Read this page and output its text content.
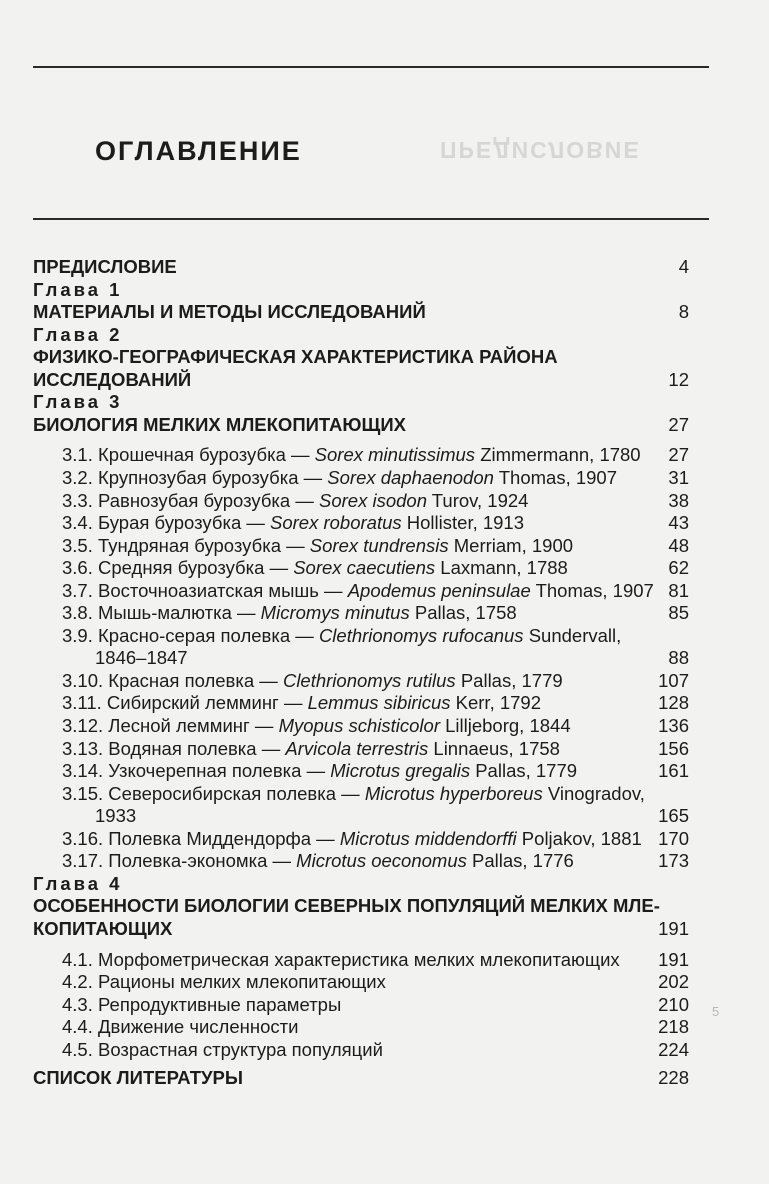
ПРЕДИСЛОВИЕ
ОГЛАВЛЕНИЕ
ПРЕДИСЛОВИЕ	4
Глава 1
МАТЕРИАЛЫ И МЕТОДЫ ИССЛЕДОВАНИЙ	8
Глава 2
ФИЗИКО-ГЕОГРАФИЧЕСКАЯ ХАРАКТЕРИСТИКА РАЙОНА
ИССЛЕДОВАНИЙ	12
Глава 3
БИОЛОГИЯ МЕЛКИХ МЛЕКОПИТАЮЩИХ	27
3.1. Крошечная бурозубка — Sorex minutissimus Zimmermann, 1780 27
3.2. Крупнозубая бурозубка — Sorex daphaenodon Thomas, 1907	31
3.3. Равнозубая бурозубка — Sorex isodon Turov, 1924	38
3.4. Бурая бурозубка — Sorex roboratus Hollister, 1913	43
3.5. Тундряная бурозубка — Sorex tundrensis Merriam, 1900	48
3.6. Средняя бурозубка — Sorex caecutiens Laxmann, 1788	62
3.7. Восточноазиатская мышь — Apodemus peninsulae Thomas, 1907 81
3.8. Мышь-малютка — Micromys minutus Pallas, 1758	85
3.9. Красно-серая полевка — Clethrionomys rufocanus Sundervall,
1846–1847	88
3.10. Красная полевка — Clethrionomys rutilus Pallas, 1779	107
3.11. Сибирский лемминг — Lemmus sibiricus Kerr, 1792	128
3.12. Лесной лемминг — Myopus schisticolor Lilljeborg, 1844	136
3.13. Водяная полевка — Arvicola terrestris Linnaeus, 1758	156
3.14. Узкочерепная полевка — Microtus gregalis Pallas, 1779	161
3.15. Северосибирская полевка — Microtus hyperboreus Vinogradov,
1933	165
3.16. Полевка Миддендорфа — Microtus middendorffi Poljakov, 1881 170
3.17. Полевка-экономка — Microtus oeconomus Pallas, 1776	173
Глава 4
ОСОБЕННОСТИ БИОЛОГИИ СЕВЕРНЫХ ПОПУЛЯЦИЙ МЕЛКИХ МЛЕ-
КОПИТАЮЩИХ	191
4.1. Морфометрическая характеристика мелких млекопитающих 191
4.2. Рационы мелких млекопитающих	202
4.3. Репродуктивные параметры	210
4.4. Движение численности	218
4.5. Возрастная структура популяций	224
СПИСОК ЛИТЕРАТУРЫ	228
5
